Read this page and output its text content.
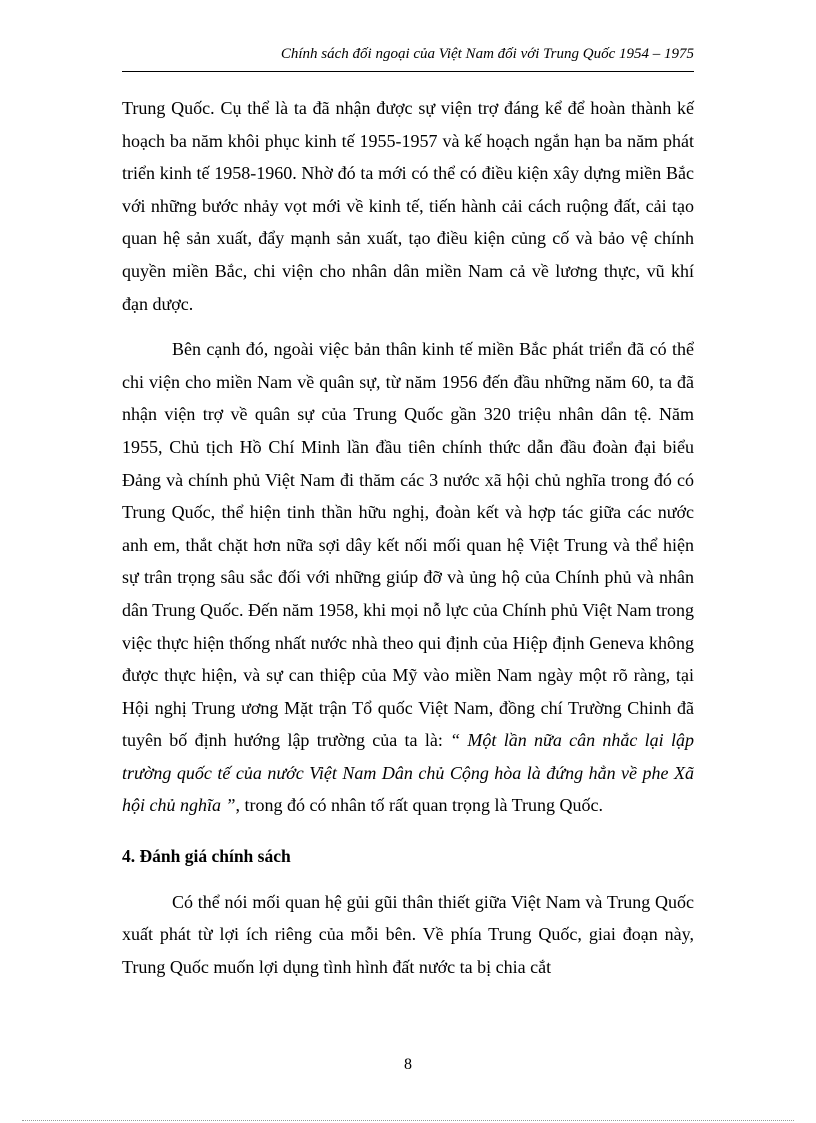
Chính sách đối ngoại của Việt Nam đối với Trung Quốc 1954 – 1975

Trung Quốc. Cụ thể là ta đã nhận được sự viện trợ đáng kể để hoàn thành kế hoạch ba năm khôi phục kinh tế 1955-1957 và kế hoạch ngắn hạn ba năm phát triển kinh tế 1958-1960. Nhờ đó ta mới có thể có điều kiện xây dựng miền Bắc với những bước nhảy vọt mới về kinh tế, tiến hành cải cách ruộng đất, cải tạo quan hệ sản xuất, đẩy mạnh sản xuất, tạo điều kiện củng cố và bảo vệ chính quyền miền Bắc, chi viện cho nhân dân miền Nam cả về lương thực, vũ khí đạn dược.

Bên cạnh đó, ngoài việc bản thân kinh tế miền Bắc phát triển đã có thể chi viện cho miền Nam về quân sự, từ năm 1956 đến đầu những năm 60, ta đã nhận viện trợ về quân sự của Trung Quốc gần 320 triệu nhân dân tệ. Năm 1955, Chủ tịch Hồ Chí Minh lần đầu tiên chính thức dẫn đầu đoàn đại biểu Đảng và chính phủ Việt Nam đi thăm các 3 nước xã hội chủ nghĩa trong đó có Trung Quốc, thể hiện tinh thần hữu nghị, đoàn kết và hợp tác giữa các nước anh em, thắt chặt hơn nữa sợi dây kết nối mối quan hệ Việt Trung và thể hiện sự trân trọng sâu sắc đối với những giúp đỡ và ủng hộ của Chính phủ và nhân dân Trung Quốc. Đến năm 1958, khi mọi nỗ lực của Chính phủ Việt Nam trong việc thực hiện thống nhất nước nhà theo qui định của Hiệp định Geneva không được thực hiện, và sự can thiệp của Mỹ vào miền Nam ngày một rõ ràng, tại Hội nghị Trung ương Mặt trận Tổ quốc Việt Nam, đồng chí Trường Chinh đã tuyên bố định hướng lập trường của ta là: “ Một lần nữa cân nhắc lại lập trường quốc tế của nước Việt Nam Dân chủ Cộng hòa là đứng hẳn về phe Xã hội chủ nghĩa ”, trong đó có nhân tố rất quan trọng là Trung Quốc.

4. Đánh giá chính sách

Có thể nói mối quan hệ gủi gũi thân thiết giữa Việt Nam và Trung Quốc xuất phát từ lợi ích riêng của mỗi bên. Về phía Trung Quốc, giai đoạn này, Trung Quốc muốn lợi dụng tình hình đất nước ta bị chia cắt

8
